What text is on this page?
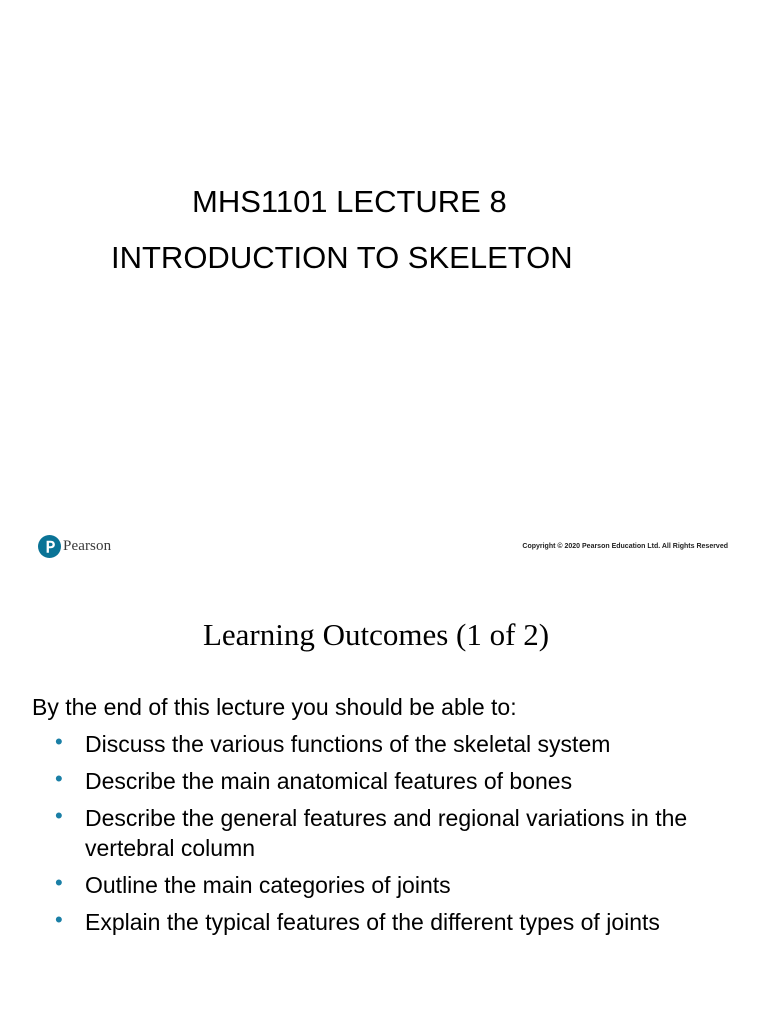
MHS1101 LECTURE 8
INTRODUCTION TO SKELETON
Pearson	Copyright © 2020 Pearson Education Ltd. All Rights Reserved
Learning Outcomes (1 of 2)
By the end of this lecture you should be able to:
• Discuss the various functions of the skeletal system
• Describe the main anatomical features of bones
• Describe the general features and regional variations in the vertebral column
• Outline the main categories of joints
• Explain the typical features of the different types of joints
